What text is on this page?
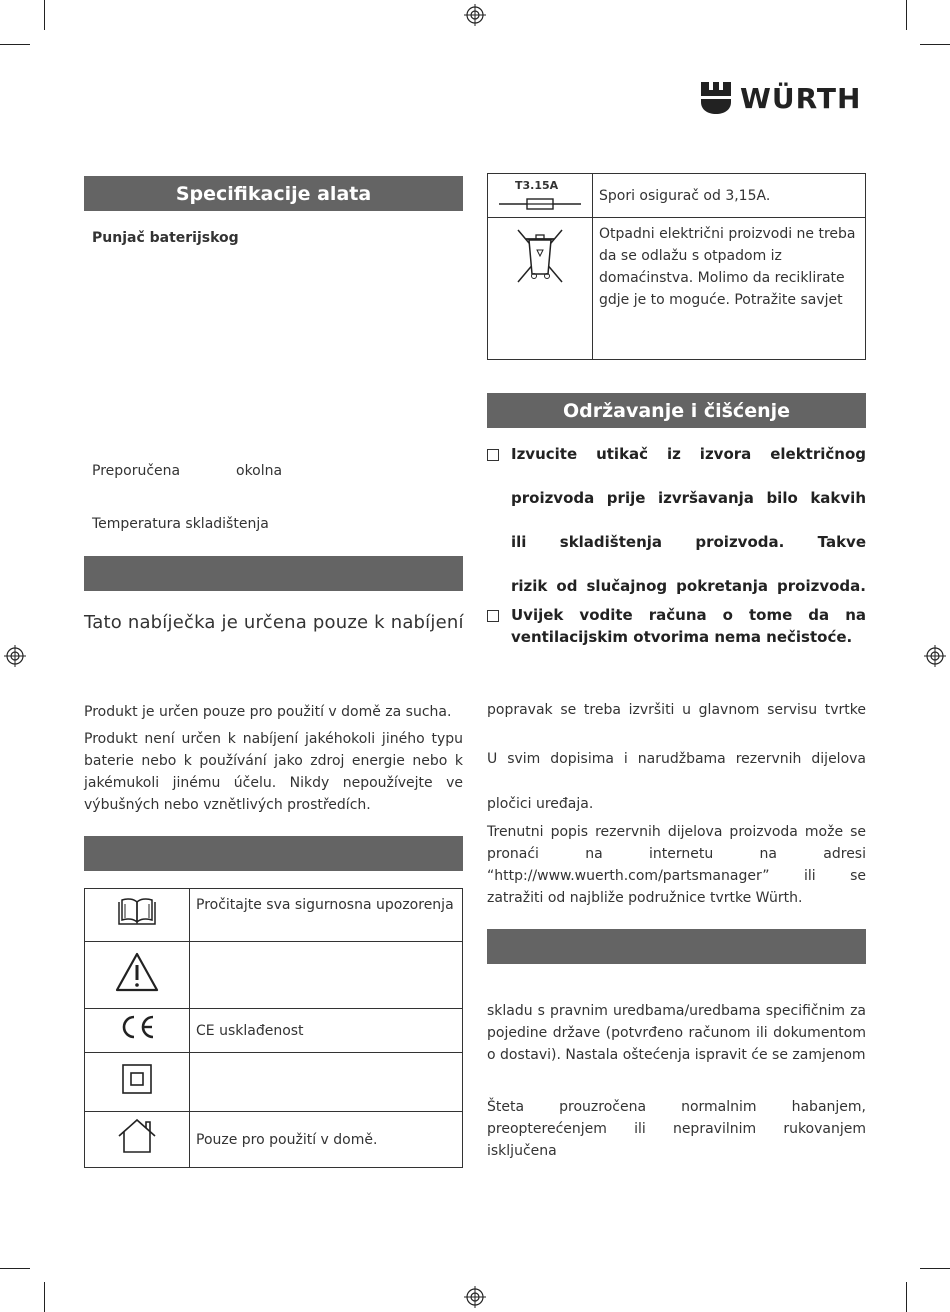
WÜRTH
Specifikacije alata
Punjač baterijskog
Preporučena	okolna
Temperatura skladištenja
Tato nabíječka je určena pouze k nabíjení
Produkt je určen pouze pro použití v domě za sucha.
Produkt není určen k nabíjení jakéhokoli jiného typu baterie nebo k používání jako zdroj energie nebo k jakémukoli jinému účelu. Nikdy nepoužívejte ve výbušných nebo vznětlivých prostředích.
	Pročitajte sva sigurnosna upozorenja

	CE usklađenost

	Pouze pro použití v domě.
T3.15A	Spori osigurač od 3,15A.
	Otpadni električni proizvodi ne treba da se odlažu s otpadom iz domaćinstva. Molimo da reciklirate gdje je to moguće. Potražite savjet
Održavanje i čišćenje
Izvucite utikač iz izvora električnog
proizvoda prije izvršavanja bilo kakvih
ili skladištenja proizvoda. Takve
rizik od slučajnog pokretanja proizvoda.
Uvijek vodite računa o tome da na ventilacijskim otvorima nema nečistoće.
popravak se treba izvršiti u glavnom servisu tvrtke
U svim dopisima i narudžbama rezervnih dijelova
pločici uređaja.
Trenutni popis rezervnih dijelova proizvoda može se pronaći na internetu na adresi “http://www.wuerth.com/partsmanager” ili se zatražiti od najbliže podružnice tvrtke Würth.
skladu s pravnim uredbama/uredbama specifičnim za pojedine države (potvrđeno računom ili dokumentom o dostavi). Nastala oštećenja ispravit će se zamjenom
Šteta prouzročena normalnim habanjem, preopterećenjem ili nepravilnim rukovanjem isključena
